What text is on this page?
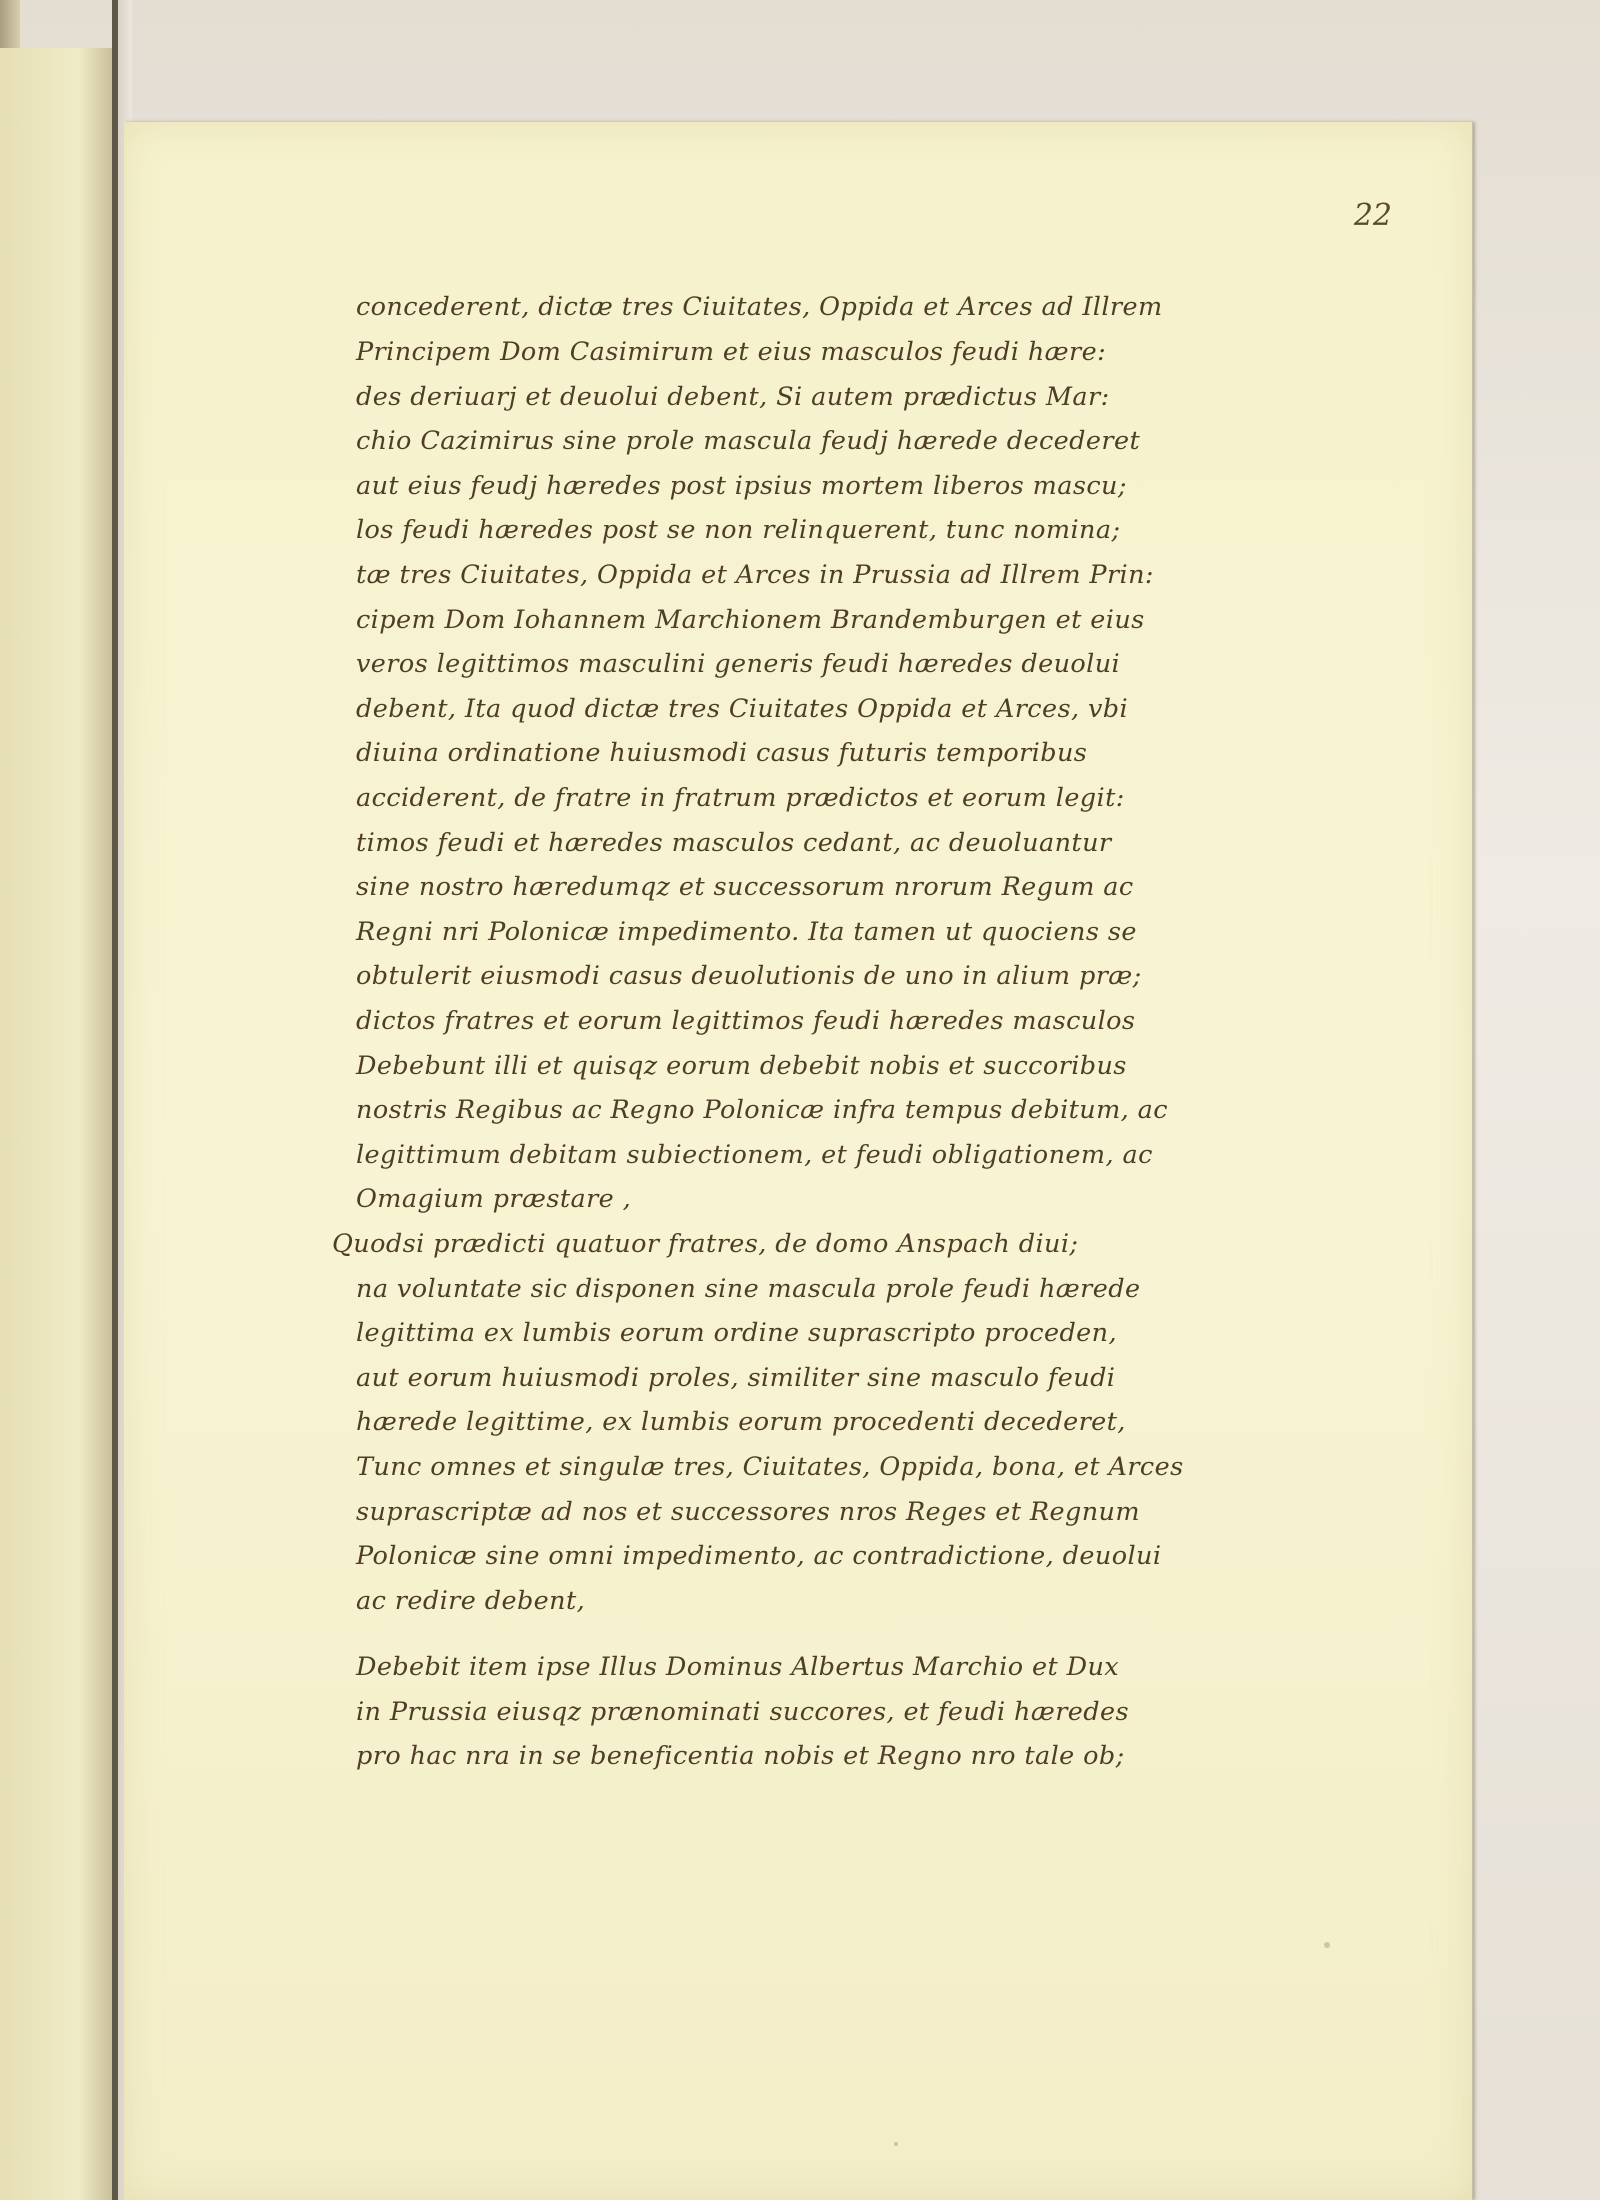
22

concederent, dictæ tres Ciuitates, Oppida et Arces ad Illrem
Principem Dom Casimirum et eius masculos feudi hære:
des deriuarj et deuolui debent, Si autem prædictus Mar:
chio Cazimirus sine prole mascula feudj hærede decederet
aut eius feudj hæredes post ipsius mortem liberos mascu;
los feudi hæredes post se non relinquerent, tunc nomina;
tæ tres Ciuitates, Oppida et Arces in Prussia ad Illrem Prin:
cipem Dom Iohannem Marchionem Brandemburgen et eius
veros legittimos masculini generis feudi hæredes deuolui
debent, Ita quod dictæ tres Ciuitates Oppida et Arces, vbi
diuina ordinatione huiusmodi casus futuris temporibus
acciderent, de fratre in fratrum prædictos et eorum legit:
timos feudi et hæredes masculos cedant, ac deuoluantur
sine nostro hæredumqz et successorum nrorum Regum ac
Regni nri Polonicæ impedimento. Ita tamen ut quociens se
obtulerit eiusmodi casus deuolutionis de uno in alium præ;
dictos fratres et eorum legittimos feudi hæredes masculos
Debebunt illi et quisqz eorum debebit nobis et succoribus
nostris Regibus ac Regno Polonicæ infra tempus debitum, ac
legittimum debitam subiectionem, et feudi obligationem, ac
Omagium præstare ,
Quodsi prædicti quatuor fratres, de domo Anspach diui;
na voluntate sic disponen sine mascula prole feudi hærede
legittima ex lumbis eorum ordine suprascripto proceden,
aut eorum huiusmodi proles, similiter sine masculo feudi
hærede legittime, ex lumbis eorum procedenti decederet,
Tunc omnes et singulæ tres, Ciuitates, Oppida, bona, et Arces
suprascriptæ ad nos et successores nros Reges et Regnum
Polonicæ sine omni impedimento, ac contradictione, deuolui
ac redire debent,
Debebit item ipse Illus Dominus Albertus Marchio et Dux
in Prussia eiusqz prænominati succores, et feudi hæredes
pro hac nra in se beneficentia nobis et Regno nro tale ob;
